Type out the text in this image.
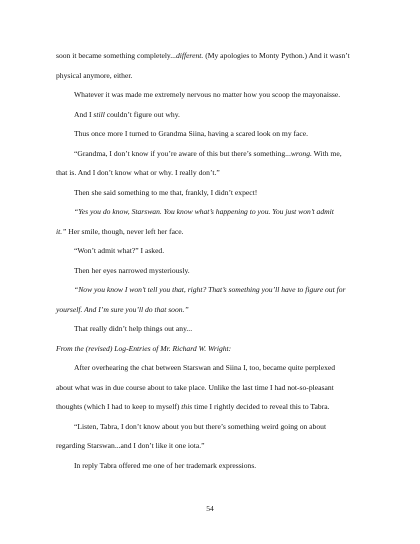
soon it became something completely...different. (My apologies to Monty Python.) And it wasn’t
physical anymore, either.
Whatever it was made me extremely nervous no matter how you scoop the mayonaisse.
And I still couldn’t figure out why.
Thus once more I turned to Grandma Siina, having a scared look on my face.
“Grandma, I don’t know if you’re aware of this but there’s something...wrong. With me,
that is. And I don’t know what or why. I really don’t.”
Then she said something to me that, frankly, I didn’t expect!
“Yes you do know, Starswan. You know what’s happening to you. You just won’t admit
it.” Her smile, though, never left her face.
“Won’t admit what?” I asked.
Then her eyes narrowed mysteriously.
“Now you know I won’t tell you that, right? That’s something you’ll have to figure out for
yourself. And I’m sure you’ll do that soon.”
That really didn’t help things out any...
From the (revised) Log-Entries of Mr. Richard W. Wright:
After overhearing the chat between Starswan and Siina I, too, became quite perplexed
about what was in due course about to take place. Unlike the last time I had not-so-pleasant
thoughts (which I had to keep to myself) this time I rightly decided to reveal this to Tabra.
“Listen, Tabra, I don’t know about you but there’s something weird going on about
regarding Starswan...and I don’t like it one iota.”
In reply Tabra offered me one of her trademark expressions.
54
